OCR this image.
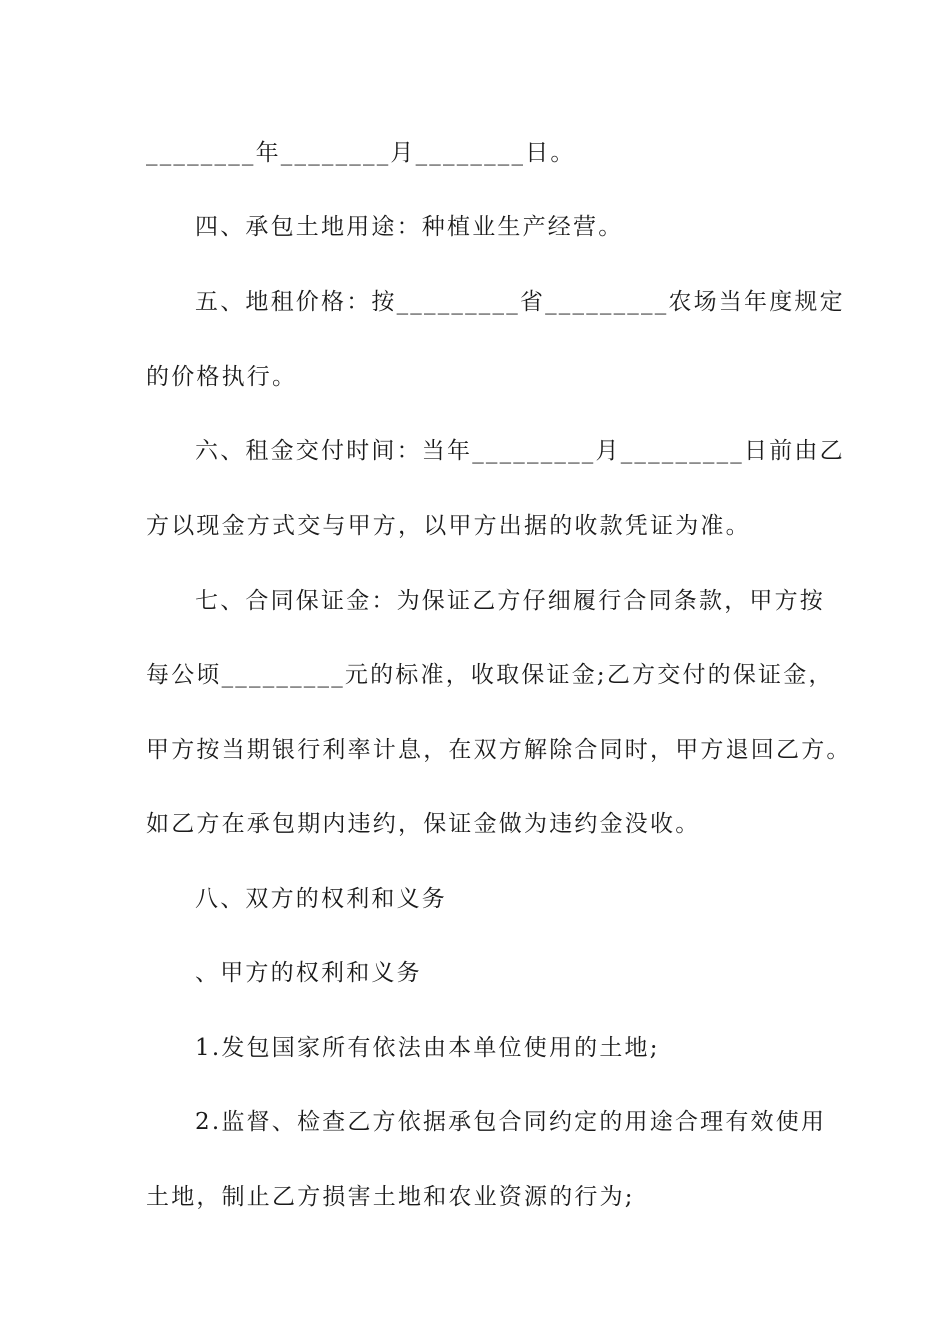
________年________月________日。
四、承包土地用途：种植业生产经营。
五、地租价格：按_________省_________农场当年度规定
的价格执行。
六、租金交付时间：当年_________月_________日前由乙
方以现金方式交与甲方，以甲方出据的收款凭证为准。
七、合同保证金：为保证乙方仔细履行合同条款，甲方按
每公顷_________元的标准，收取保证金;乙方交付的保证金，
甲方按当期银行利率计息，在双方解除合同时，甲方退回乙方。
如乙方在承包期内违约，保证金做为违约金没收。
八、双方的权利和义务
、甲方的权利和义务
1.发包国家所有依法由本单位使用的土地;
2.监督、检查乙方依据承包合同约定的用途合理有效使用
土地，制止乙方损害土地和农业资源的行为;
